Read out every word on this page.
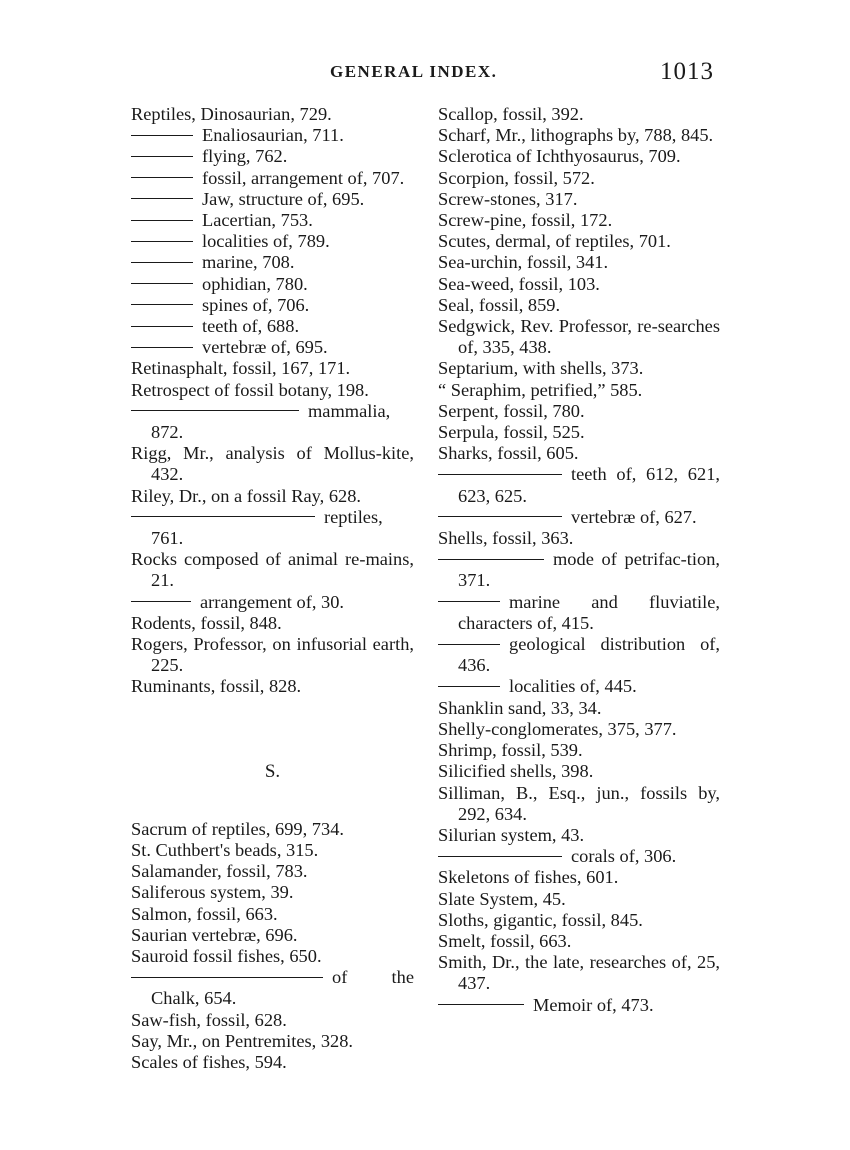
GENERAL INDEX.	1013

Reptiles, Dinosaurian, 729.

Enaliosaurian, 711.

flying, 762.

fossil, arrangement of, 707.

Jaw, structure of, 695.

Lacertian, 753.

localities of, 789.

marine, 708.

ophidian, 780.

spines of, 706.

teeth of, 688.

vertebræ of, 695.

Retinasphalt, fossil, 167, 171.

Retrospect of fossil botany, 198.

mammalia, 872.

Rigg, Mr., analysis of Mollus-kite, 432.

Riley, Dr., on a fossil Ray, 628.

reptiles, 761.

Rocks composed of animal re-mains, 21.

arrangement of, 30.

Rodents, fossil, 848.

Rogers, Professor, on infusorial earth, 225.

Ruminants, fossil, 828.

S.

Sacrum of reptiles, 699, 734.

St. Cuthbert's beads, 315.

Salamander, fossil, 783.

Saliferous system, 39.

Salmon, fossil, 663.

Saurian vertebræ, 696.

Sauroid fossil fishes, 650.

of the Chalk, 654.

Saw-fish, fossil, 628.

Say, Mr., on Pentremites, 328.

Scales of fishes, 594.

Scallop, fossil, 392.

Scharf, Mr., lithographs by, 788, 845.

Sclerotica of Ichthyosaurus, 709.

Scorpion, fossil, 572.

Screw-stones, 317.

Screw-pine, fossil, 172.

Scutes, dermal, of reptiles, 701.

Sea-urchin, fossil, 341.

Sea-weed, fossil, 103.

Seal, fossil, 859.

Sedgwick, Rev. Professor, re-searches of, 335, 438.

Septarium, with shells, 373.

“ Seraphim, petrified,” 585.

Serpent, fossil, 780.

Serpula, fossil, 525.

Sharks, fossil, 605.

teeth of, 612, 621, 623, 625.

vertebræ of, 627.

Shells, fossil, 363.

mode of petrifac-tion, 371.

marine and fluviatile, characters of, 415.

geological distribution of, 436.

localities of, 445.

Shanklin sand, 33, 34.

Shelly-conglomerates, 375, 377.

Shrimp, fossil, 539.

Silicified shells, 398.

Silliman, B., Esq., jun., fossils by, 292, 634.

Silurian system, 43.

corals of, 306.

Skeletons of fishes, 601.

Slate System, 45.

Sloths, gigantic, fossil, 845.

Smelt, fossil, 663.

Smith, Dr., the late, researches of, 25, 437.

Memoir of, 473.
